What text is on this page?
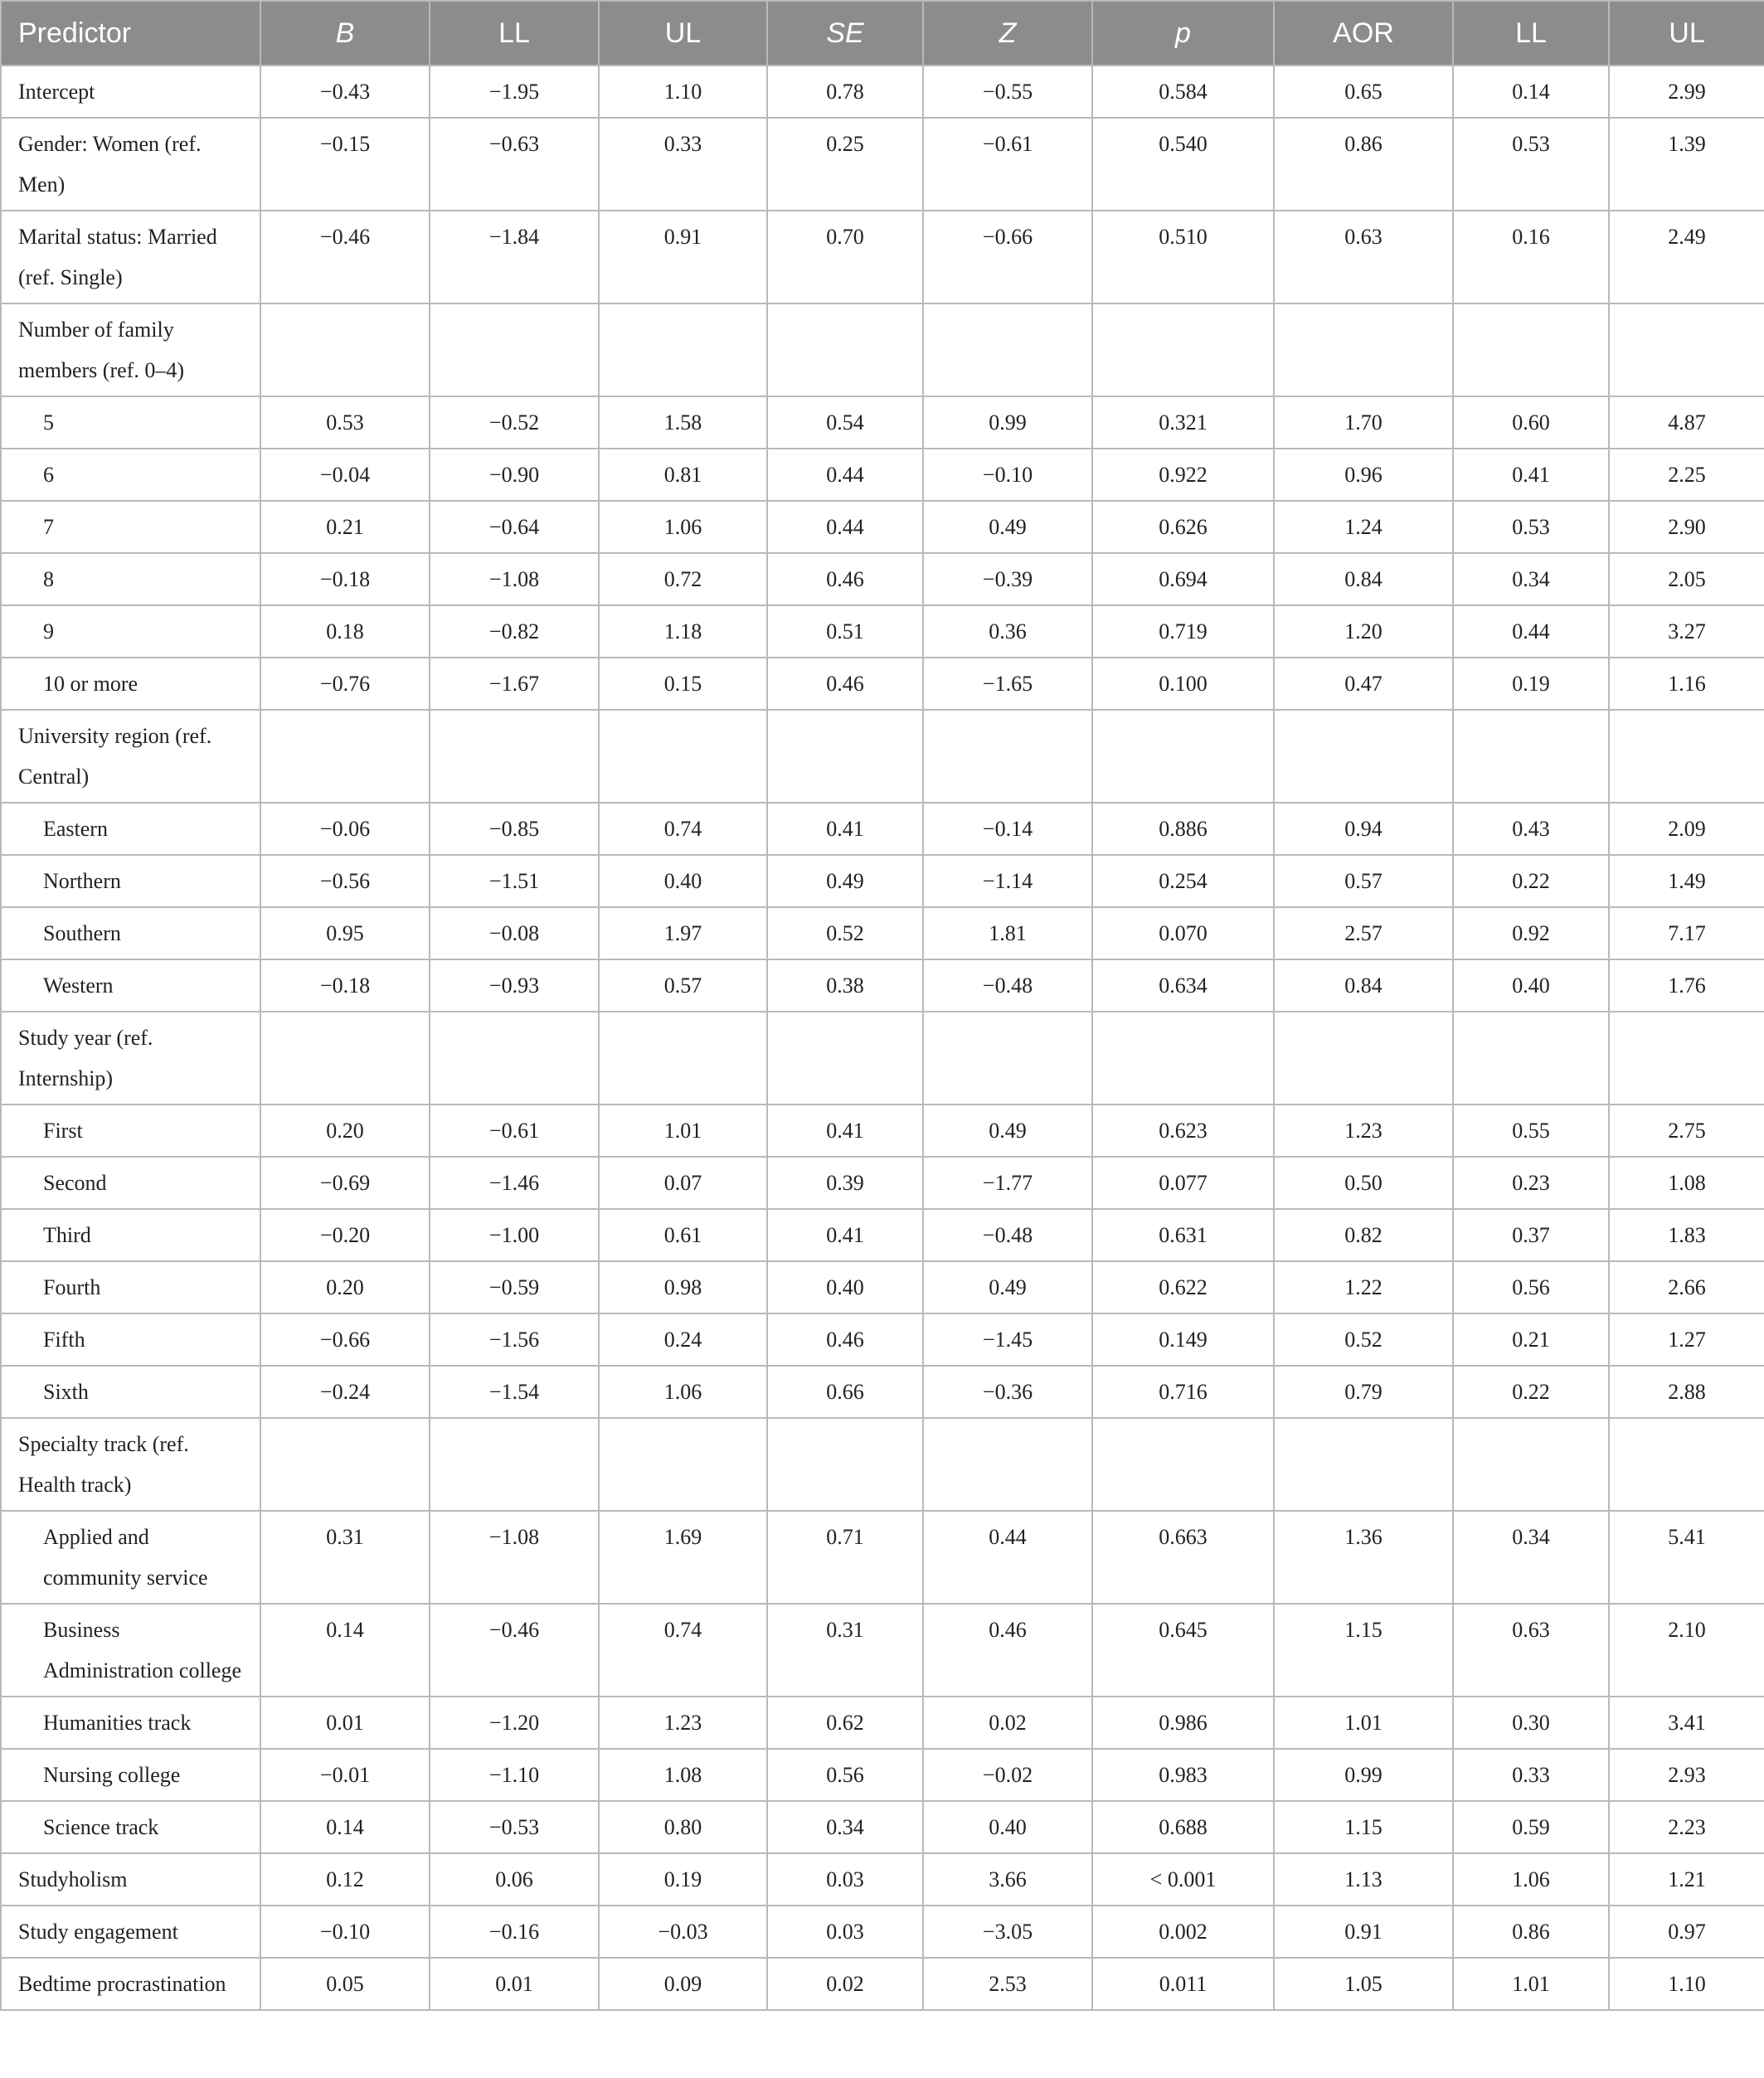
Predictor	B	LL	UL	SE	Z	p	AOR	LL	UL
Intercept	−0.43	−1.95	1.10	0.78	−0.55	0.584	0.65	0.14	2.99
Gender: Women (ref. Men)	−0.15	−0.63	0.33	0.25	−0.61	0.540	0.86	0.53	1.39
Marital status: Married (ref. Single)	−0.46	−1.84	0.91	0.70	−0.66	0.510	0.63	0.16	2.49
Number of family members (ref. 0–4)									
5	0.53	−0.52	1.58	0.54	0.99	0.321	1.70	0.60	4.87
6	−0.04	−0.90	0.81	0.44	−0.10	0.922	0.96	0.41	2.25
7	0.21	−0.64	1.06	0.44	0.49	0.626	1.24	0.53	2.90
8	−0.18	−1.08	0.72	0.46	−0.39	0.694	0.84	0.34	2.05
9	0.18	−0.82	1.18	0.51	0.36	0.719	1.20	0.44	3.27
10 or more	−0.76	−1.67	0.15	0.46	−1.65	0.100	0.47	0.19	1.16
University region (ref. Central)									
Eastern	−0.06	−0.85	0.74	0.41	−0.14	0.886	0.94	0.43	2.09
Northern	−0.56	−1.51	0.40	0.49	−1.14	0.254	0.57	0.22	1.49
Southern	0.95	−0.08	1.97	0.52	1.81	0.070	2.57	0.92	7.17
Western	−0.18	−0.93	0.57	0.38	−0.48	0.634	0.84	0.40	1.76
Study year (ref. Internship)									
First	0.20	−0.61	1.01	0.41	0.49	0.623	1.23	0.55	2.75
Second	−0.69	−1.46	0.07	0.39	−1.77	0.077	0.50	0.23	1.08
Third	−0.20	−1.00	0.61	0.41	−0.48	0.631	0.82	0.37	1.83
Fourth	0.20	−0.59	0.98	0.40	0.49	0.622	1.22	0.56	2.66
Fifth	−0.66	−1.56	0.24	0.46	−1.45	0.149	0.52	0.21	1.27
Sixth	−0.24	−1.54	1.06	0.66	−0.36	0.716	0.79	0.22	2.88
Specialty track (ref. Health track)									
Applied and community service	0.31	−1.08	1.69	0.71	0.44	0.663	1.36	0.34	5.41
Business Administration college	0.14	−0.46	0.74	0.31	0.46	0.645	1.15	0.63	2.10
Humanities track	0.01	−1.20	1.23	0.62	0.02	0.986	1.01	0.30	3.41
Nursing college	−0.01	−1.10	1.08	0.56	−0.02	0.983	0.99	0.33	2.93
Science track	0.14	−0.53	0.80	0.34	0.40	0.688	1.15	0.59	2.23
Studyholism	0.12	0.06	0.19	0.03	3.66	< 0.001	1.13	1.06	1.21
Study engagement	−0.10	−0.16	−0.03	0.03	−3.05	0.002	0.91	0.86	0.97
Bedtime procrastination	0.05	0.01	0.09	0.02	2.53	0.011	1.05	1.01	1.10
